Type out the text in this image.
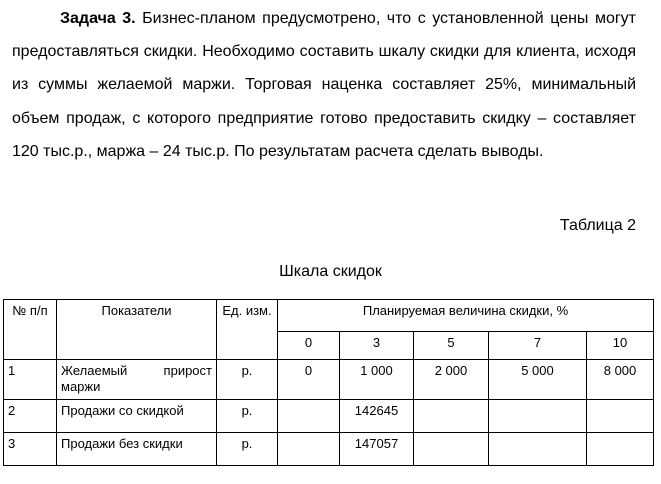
Задача 3. Бизнес-планом предусмотрено, что с установленной цены могут предоставляться скидки. Необходимо составить шкалу скидки для клиента, исходя из суммы желаемой маржи. Торговая наценка составляет 25%, минимальный объем продаж, с которого предприятие готово предоставить скидку – составляет 120 тыс.р., маржа – 24 тыс.р. По результатам расчета сделать выводы.

Таблица 2
Шкала скидок
№ п/п	Показатели	Ед. изм.	Планируемая величина скидки, %				
			0	3	5	7	10
1	Желаемый прирост маржи	р.	0	1 000	2 000	5 000	8 000
2	Продажи со скидкой	р.		142645			
3	Продажи без скидки	р.		147057			
